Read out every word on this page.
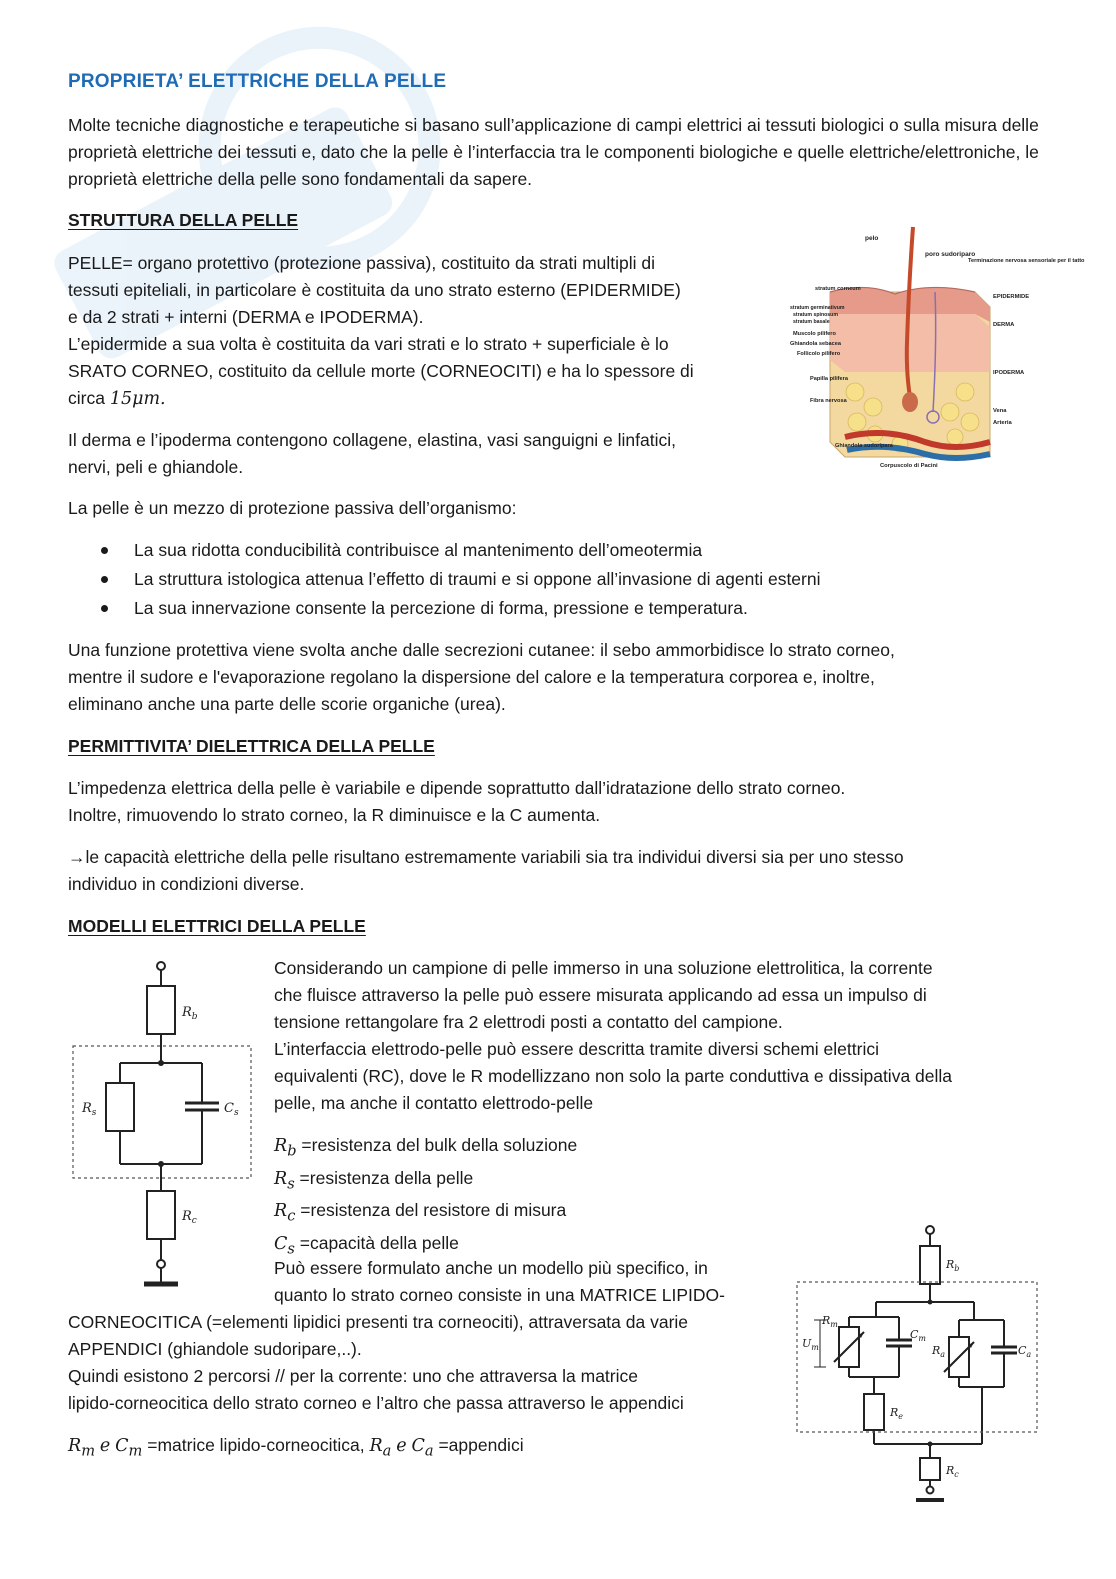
PROPRIETA’ ELETTRICHE DELLA PELLE

Molte tecniche diagnostiche e terapeutiche si basano sull’applicazione di campi elettrici ai tessuti biologici o sulla misura delle proprietà elettriche dei tessuti e, dato che la pelle è l’interfaccia tra le componenti biologiche e quelle elettriche/elettroniche, le proprietà elettriche della pelle sono fondamentali da sapere.

STRUTTURA DELLA PELLE
PELLE= organo protettivo (protezione passiva), costituito da strati multipli di
tessuti epiteliali, in particolare è costituita da uno strato esterno (EPIDERMIDE)
e da 2 strati + interni (DERMA e IPODERMA).
L’epidermide a sua volta è costituita da vari strati e lo strato + superficiale è lo
SRATO CORNEO, costituito da cellule morte (CORNEOCITI) e ha lo spessore di
circa 15μm.
Il derma e l’ipoderma contengono collagene, elastina, vasi sanguigni e linfatici,
nervi, peli e ghiandole.

La pelle è un mezzo di protezione passiva dell’organismo:

La sua ridotta conducibilità contribuisce al mantenimento dell’omeotermia
La struttura istologica attenua l’effetto di traumi e si oppone all’invasione di agenti esterni
La sua innervazione consente la percezione di forma, pressione e temperatura.
Una funzione protettiva viene svolta anche dalle secrezioni cutanee: il sebo ammorbidisce lo strato corneo,
mentre il sudore e l'evaporazione regolano la dispersione del calore e la temperatura corporea e, inoltre,
eliminano anche una parte delle scorie organiche (urea).
pelo
poro sudoriparo
Terminazione nervosa sensoriale per il tatto
stratum corneum
stratum germinativum
stratum spinosum
stratum basale
EPIDERMIDE
DERMA
IPODERMA
Muscolo pilifero
Ghiandola sebacea
Follicolo pilifero
Papilla pilifera
Fibra nervosa
Vena
Arteria
Ghiandola sudoripara
Corpuscolo di Pacini
PERMITTIVITA’ DIELETTRICA DELLA PELLE
L’impedenza elettrica della pelle è variabile e dipende soprattutto dall’idratazione dello strato corneo.
Inoltre, rimuovendo lo strato corneo, la R diminuisce e la C aumenta.
→le capacità elettriche della pelle risultano estremamente variabili sia tra individui diversi sia per uno stesso
individuo in condizioni diverse.
MODELLI ELETTRICI DELLA PELLE
$R_b$
$R_s$	$C_s$
$R_c$
Considerando un campione di pelle immerso in una soluzione elettrolitica, la corrente
che fluisce attraverso la pelle può essere misurata applicando ad essa un impulso di
tensione rettangolare fra 2 elettrodi posti a contatto del campione.
L’interfaccia elettrodo-pelle può essere descritta tramite diversi schemi elettrici
equivalenti (RC), dove le R modellizzano non solo la parte conduttiva e dissipativa della
pelle, ma anche il contatto elettrodo-pelle
$R_b$ =resistenza del bulk della soluzione
$R_s$ =resistenza della pelle
$R_c$ =resistenza del resistore di misura
$C_s$ =capacità della pelle
Può essere formulato anche un modello più specifico, in
quanto lo strato corneo consiste in una MATRICE LIPIDO-
CORNEOCITICA (=elementi lipidici presenti tra corneociti), attraversata da varie
APPENDICI (ghiandole sudoripare,..).
Quindi esistono 2 percorsi // per la corrente: uno che attraversa la matrice
lipido-corneocitica dello strato corneo e l’altro che passa attraverso le appendici
$R_m$ e $C_m$ =matrice lipido-corneocitica, $R_a$ e $C_a$ =appendici
$R_b$
$R_m$
$U_m$
$C_m$
$R_a$	$C_a$
$R_e$
$R_c$
